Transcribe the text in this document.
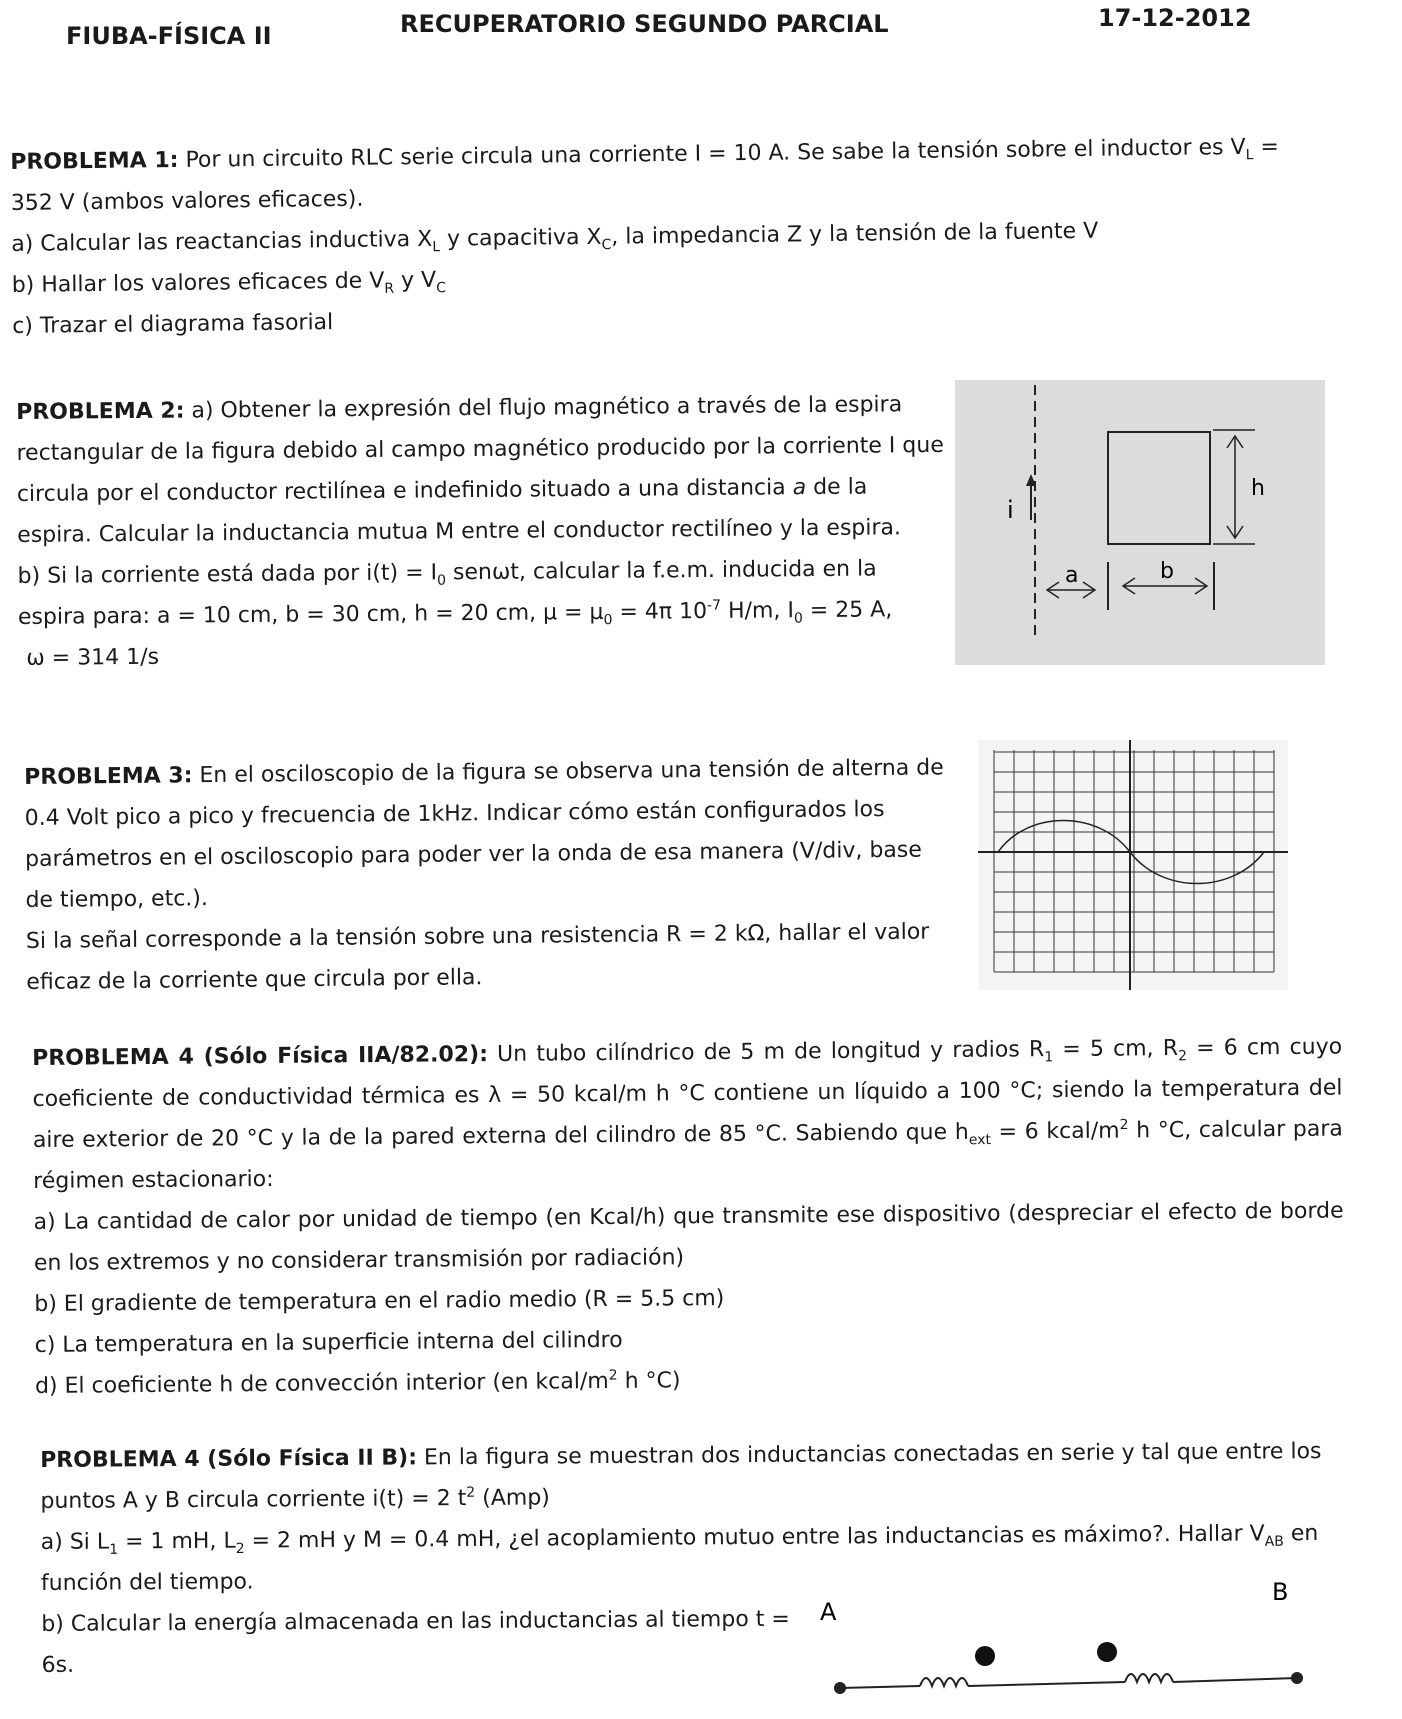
FIUBA-FÍSICA II	RECUPERATORIO SEGUNDO PARCIAL	17-12-2012

PROBLEMA 1: Por un circuito RLC serie circula una corriente I = 10 A. Se sabe la tensión sobre el inductor es $V_L = 352$ V (ambos valores eficaces).

a) Calcular las reactancias inductiva $X_L$ y capacitiva $X_C$, la impedancia Z y la tensión de la fuente V

b) Hallar los valores eficaces de $V_R$ y $V_C$

c) Trazar el diagrama fasorial

PROBLEMA 2: a) Obtener la expresión del flujo magnético a través de la espira rectangular de la figura debido al campo magnético producido por la corriente I que circula por el conductor rectilínea e indefinido situado a una distancia a de la espira. Calcular la inductancia mutua M entre el conductor rectilíneo y la espira.

b) Si la corriente está dada por $i(t) = I_0$ senωt, calcular la f.e.m. inducida en la espira para: a = 10 cm, b = 30 cm, h = 20 cm, $\mu = \mu_0 = 4\pi$ $10^{-7}$ H/m, $I_0 = 25$ A,

ω = 314 1/s

i
h
a	b

PROBLEMA 3: En el osciloscopio de la figura se observa una tensión de alterna de 0.4 Volt pico a pico y frecuencia de 1kHz. Indicar cómo están configurados los parámetros en el osciloscopio para poder ver la onda de esa manera (V/div, base de tiempo, etc.).

Si la señal corresponde a la tensión sobre una resistencia R = 2 kΩ, hallar el valor eficaz de la corriente que circula por ella.

PROBLEMA 4 (Sólo Física IIA/82.02): Un tubo cilíndrico de 5 m de longitud y radios $R_1 = 5$ cm, $R_2 = 6$ cm cuyo coeficiente de conductividad térmica es λ = 50 kcal/m h °C contiene un líquido a 100 °C; siendo la temperatura del aire exterior de 20 °C y la de la pared externa del cilindro de 85 °C. Sabiendo que $h_{ext} = 6$ kcal/$m^2$ h °C, calcular para régimen estacionario:

a) La cantidad de calor por unidad de tiempo (en Kcal/h) que transmite ese dispositivo (despreciar el efecto de borde en los extremos y no considerar transmisión por radiación)

b) El gradiente de temperatura en el radio medio (R = 5.5 cm)

c) La temperatura en la superficie interna del cilindro

d) El coeficiente h de convección interior (en kcal/$m^2$ h °C)

PROBLEMA 4 (Sólo Física II B): En la figura se muestran dos inductancias conectadas en serie y tal que entre los puntos A y B circula corriente i(t) = 2 $t^2$ (Amp)

a) Si $L_1 = 1$ mH, $L_2 = 2$ mH y M = 0.4 mH, ¿el acoplamiento mutuo entre las inductancias es máximo?. Hallar $V_{AB}$ en función del tiempo.

b) Calcular la energía almacenada en las inductancias al tiempo t = 6s.

A
B
